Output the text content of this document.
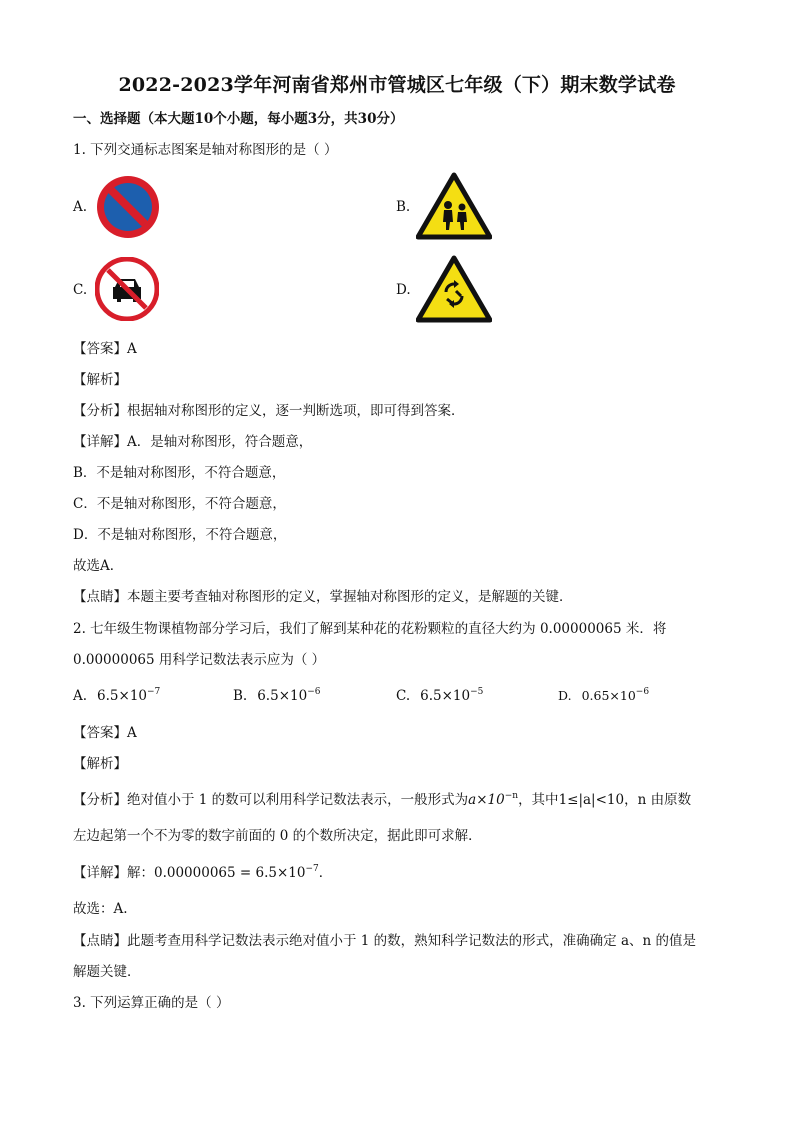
2022-2023学年河南省郑州市管城区七年级（下）期末数学试卷
一、选择题（本大题10个小题，每小题3分，共30分）
1. 下列交通标志图案是轴对称图形的是（ ）
A.	B.
C.	D.
【答案】A
【解析】
【分析】根据轴对称图形的定义，逐一判断选项，即可得到答案．
【详解】A．是轴对称图形，符合题意，
B．不是轴对称图形，不符合题意，
C．不是轴对称图形，不符合题意，
D．不是轴对称图形，不符合题意，
故选A．
【点睛】本题主要考查轴对称图形的定义，掌握轴对称图形的定义，是解题的关键．
2. 七年级生物课植物部分学习后，我们了解到某种花的花粉颗粒的直径大约为 0.00000065 米．将
0.00000065 用科学记数法表示应为（ ）
A. $6.5\times 10^{-7}$	B. $6.5\times 10^{-6}$	C. $6.5\times 10^{-5}$	D. $0.65\times 10^{-6}$
【答案】A
【解析】
【分析】绝对值小于 1 的数可以利用科学记数法表示，一般形式为$a\times 10^{-n}$，其中1≤|a|<10，n 由原数
左边起第一个不为零的数字前面的 0 的个数所决定，据此即可求解．
【详解】解：$0.00000065 = 6.5\times 10^{-7}$．
故选：A.
【点睛】此题考查用科学记数法表示绝对值小于 1 的数，熟知科学记数法的形式，准确确定 a、n 的值是
解题关键．
3. 下列运算正确的是（ ）
